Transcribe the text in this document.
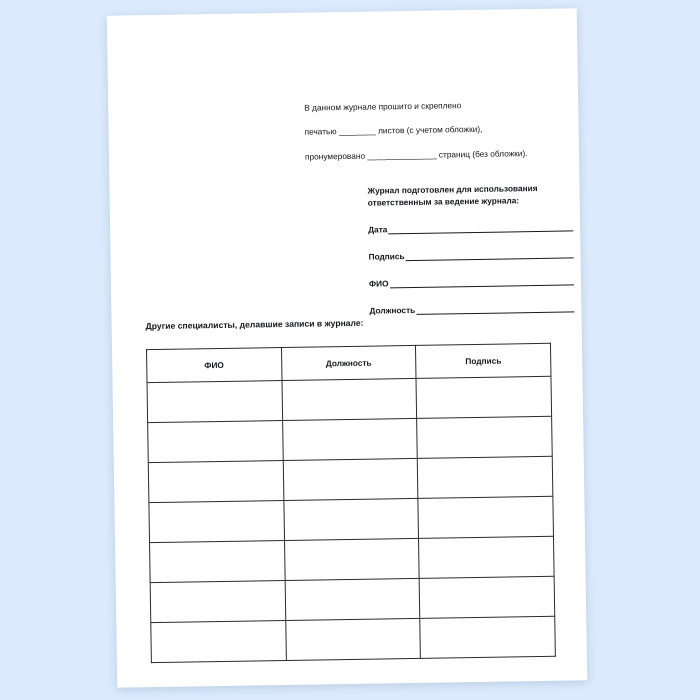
В данном журнале прошито и скреплено
печатью ________ листов (с учетом обложки),
пронумеровано _______________ страниц (без обложки).
Журнал подготовлен для использования ответственным за ведение журнала:
Дата
Подпись
ФИО
Должность
Другие специалисты, делавшие записи в журнале:
ФИО	Должность	Подпись
